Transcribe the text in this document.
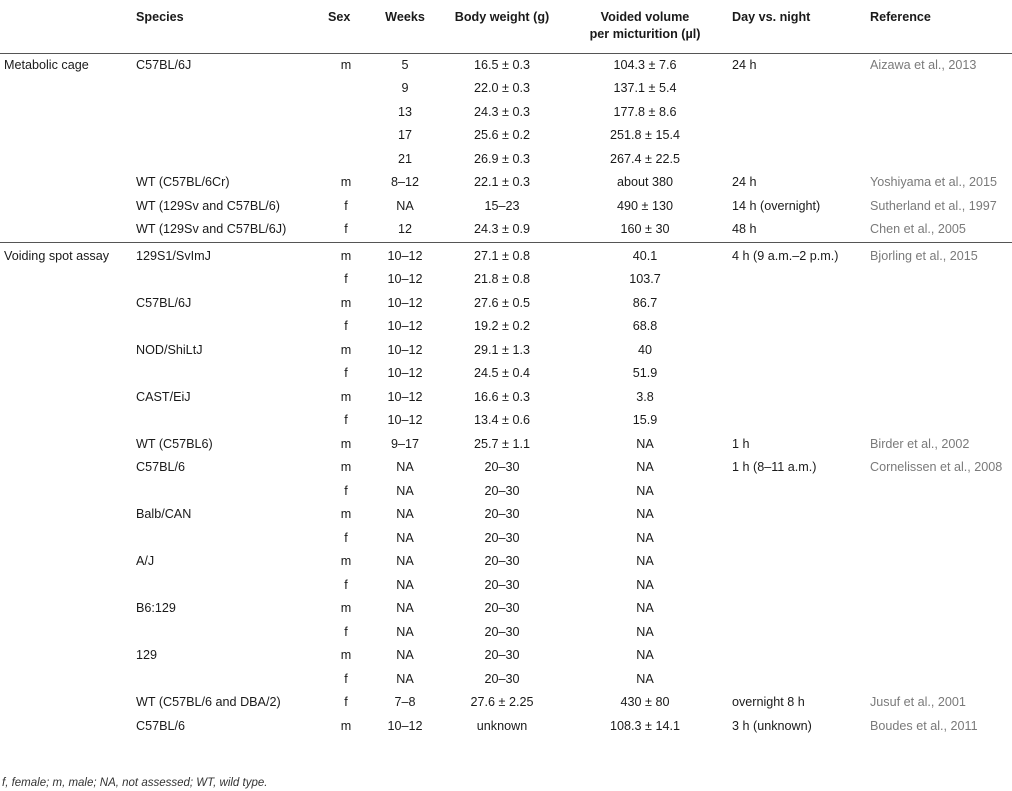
	Species	Sex	Weeks	Body weight (g)	Voided volume
per micturition (µl)	Day vs. night	Reference
Metabolic cage	C57BL/6J	m	5	16.5 ± 0.3	104.3 ± 7.6	24 h	Aizawa et al., 2013
			9	22.0 ± 0.3	137.1 ± 5.4		
			13	24.3 ± 0.3	177.8 ± 8.6		
			17	25.6 ± 0.2	251.8 ± 15.4		
			21	26.9 ± 0.3	267.4 ± 22.5		
	WT (C57BL/6Cr)	m	8–12	22.1 ± 0.3	about 380	24 h	Yoshiyama et al., 2015
	WT (129Sv and C57BL/6)	f	NA	15–23	490 ± 130	14 h (overnight)	Sutherland et al., 1997
	WT (129Sv and C57BL/6J)	f	12	24.3 ± 0.9	160 ± 30	48 h	Chen et al., 2005
Voiding spot assay	129S1/SvImJ	m	10–12	27.1 ± 0.8	40.1	4 h (9 a.m.–2 p.m.)	Bjorling et al., 2015
		f	10–12	21.8 ± 0.8	103.7		
	C57BL/6J	m	10–12	27.6 ± 0.5	86.7		
		f	10–12	19.2 ± 0.2	68.8		
	NOD/ShiLtJ	m	10–12	29.1 ± 1.3	40		
		f	10–12	24.5 ± 0.4	51.9		
	CAST/EiJ	m	10–12	16.6 ± 0.3	3.8		
		f	10–12	13.4 ± 0.6	15.9		
	WT (C57BL6)	m	9–17	25.7 ± 1.1	NA	1 h	Birder et al., 2002
	C57BL/6	m	NA	20–30	NA	1 h (8–11 a.m.)	Cornelissen et al., 2008
		f	NA	20–30	NA		
	Balb/CAN	m	NA	20–30	NA		
		f	NA	20–30	NA		
	A/J	m	NA	20–30	NA		
		f	NA	20–30	NA		
	B6:129	m	NA	20–30	NA		
		f	NA	20–30	NA		
	129	m	NA	20–30	NA		
		f	NA	20–30	NA		
	WT (C57BL/6 and DBA/2)	f	7–8	27.6 ± 2.25	430 ± 80	overnight 8 h	Jusuf et al., 2001
	C57BL/6	m	10–12	unknown	108.3 ± 14.1	3 h (unknown)	Boudes et al., 2011
f, female; m, male; NA, not assessed; WT, wild type.
